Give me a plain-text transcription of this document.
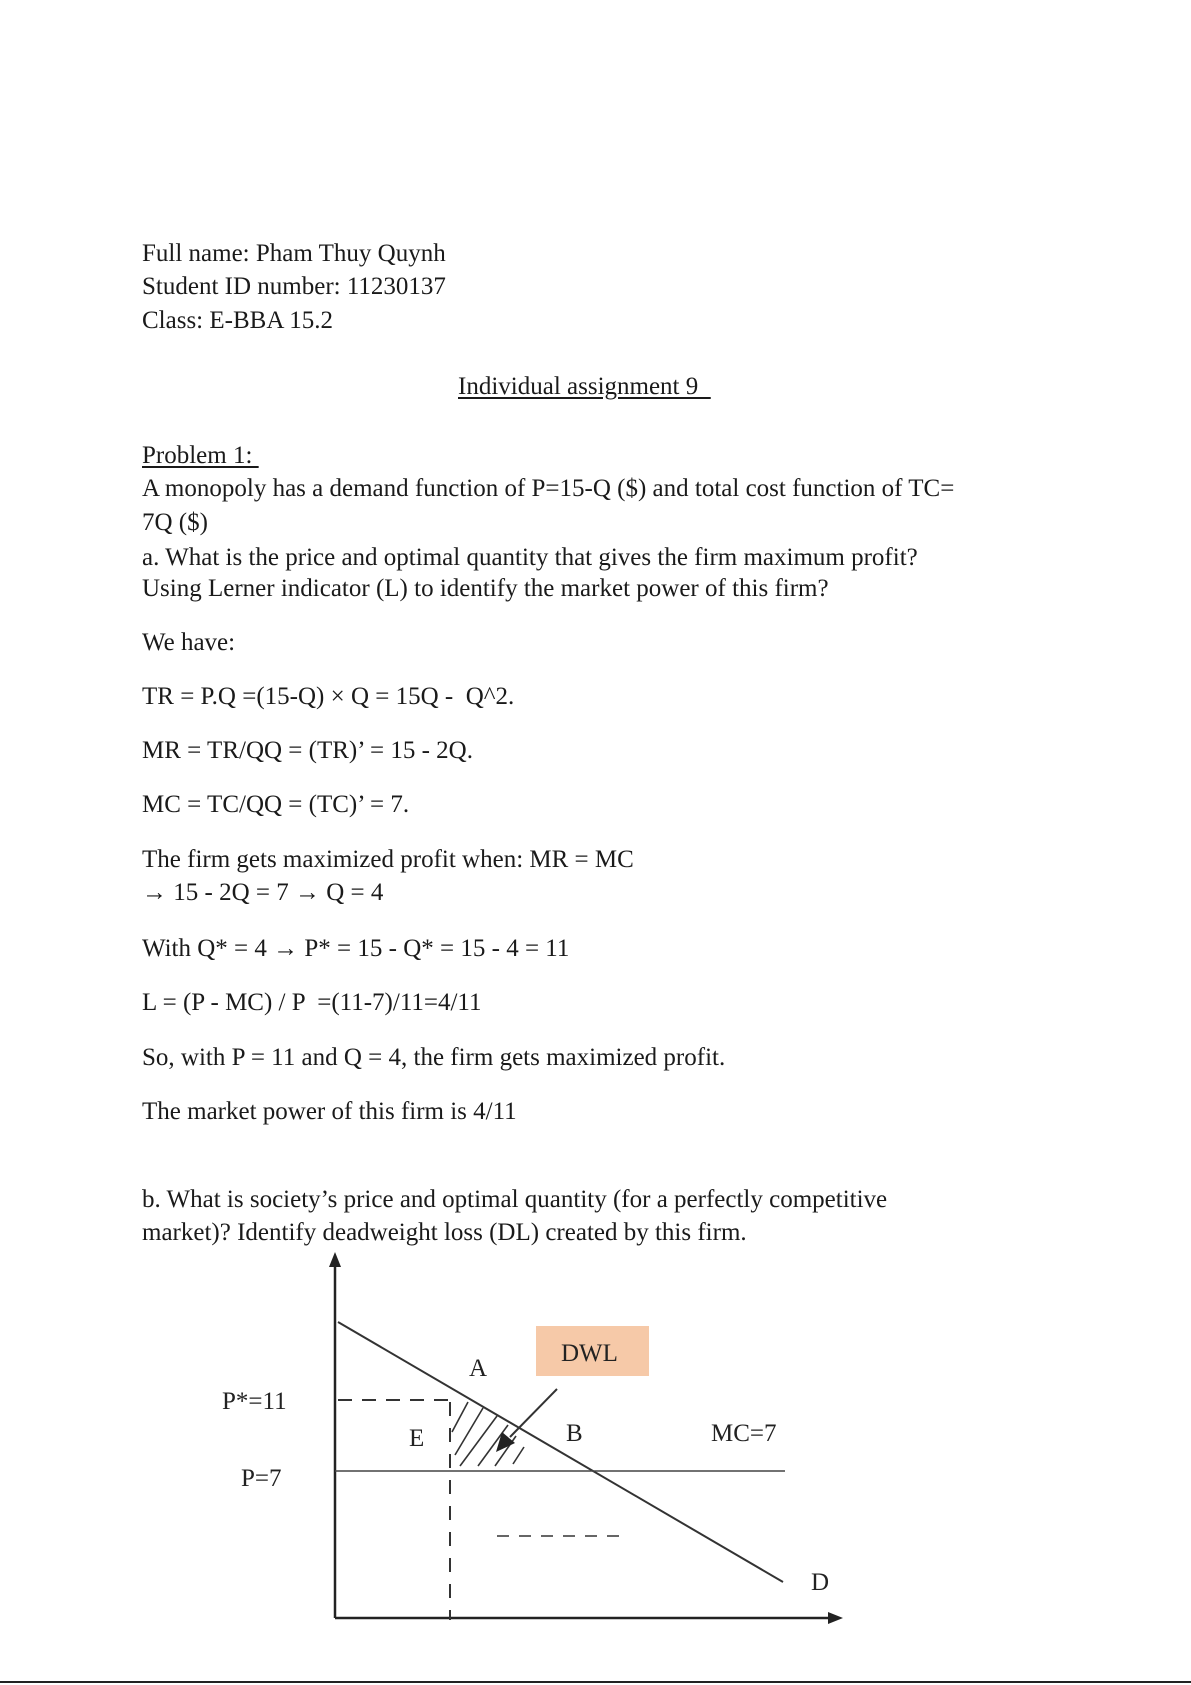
Full name: Pham Thuy Quynh
Student ID number: 11230137
Class: E-BBA 15.2
Individual assignment 9
Problem 1:
A monopoly has a demand function of P=15-Q ($) and total cost function of TC=
7Q ($)
a. What is the price and optimal quantity that gives the firm maximum profit?
Using Lerner indicator (L) to identify the market power of this firm?
We have:
TR = P.Q =(15-Q) × Q = 15Q -  Q^2.
MR = TR/QQ = (TR)’ = 15 - 2Q.
MC = TC/QQ = (TC)’ = 7.
The firm gets maximized profit when: MR = MC
→ 15 - 2Q = 7 → Q = 4
With Q* = 4 → P* = 15 - Q* = 15 - 4 = 11
L = (P - MC) / P  =(11-7)/11=4/11
So, with P = 11 and Q = 4, the firm gets maximized profit.
The market power of this firm is 4/11
b. What is society’s price and optimal quantity (for a perfectly competitive
market)? Identify deadweight loss (DL) created by this firm.
DWL
A
B
E
P*=11
P=7
MC=7
D
